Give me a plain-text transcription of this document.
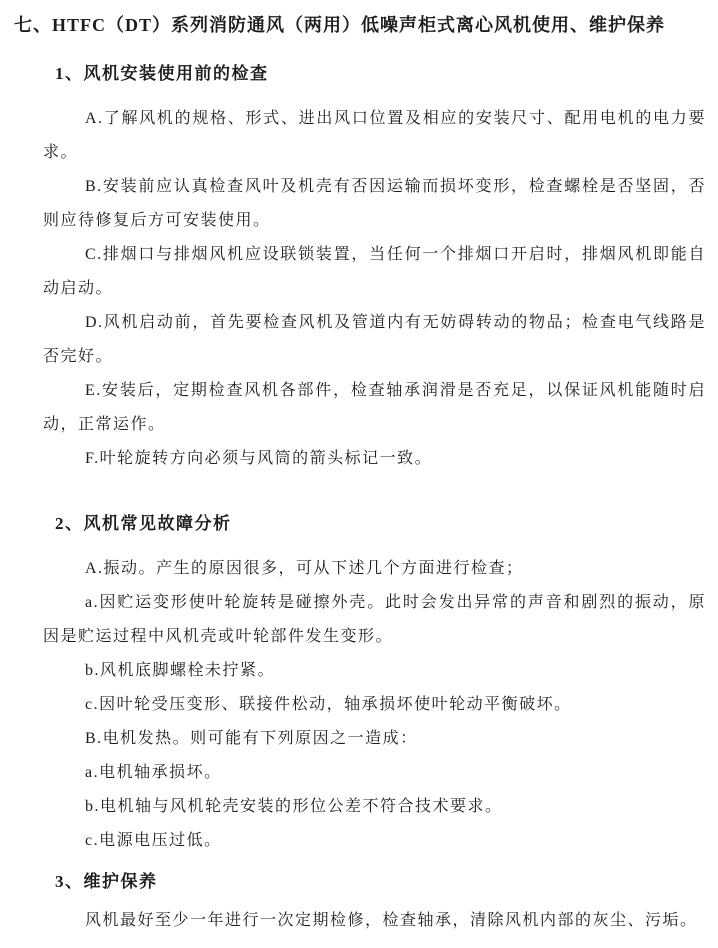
七、HTFC（DT）系列消防通风（两用）低噪声柜式离心风机使用、维护保养
1、风机安装使用前的检查

A.了解风机的规格、形式、进出风口位置及相应的安装尺寸、配用电机的电力要求。

B.安装前应认真检查风叶及机壳有否因运输而损坏变形，检查螺栓是否坚固，否则应待修复后方可安装使用。

C.排烟口与排烟风机应设联锁装置，当任何一个排烟口开启时，排烟风机即能自动启动。

D.风机启动前，首先要检查风机及管道内有无妨碍转动的物品；检查电气线路是否完好。

E.安装后，定期检查风机各部件，检查轴承润滑是否充足，以保证风机能随时启动，正常运作。

F.叶轮旋转方向必须与风筒的箭头标记一致。

2、风机常见故障分析

A.振动。产生的原因很多，可从下述几个方面进行检查；

a.因贮运变形使叶轮旋转是碰擦外壳。此时会发出异常的声音和剧烈的振动，原因是贮运过程中风机壳或叶轮部件发生变形。

b.风机底脚螺栓未拧紧。

c.因叶轮受压变形、联接件松动，轴承损坏使叶轮动平衡破坏。

B.电机发热。则可能有下列原因之一造成：

a.电机轴承损坏。

b.电机轴与风机轮壳安装的形位公差不符合技术要求。

c.电源电压过低。

3、维护保养

风机最好至少一年进行一次定期检修，检查轴承，清除风机内部的灰尘、污垢。
